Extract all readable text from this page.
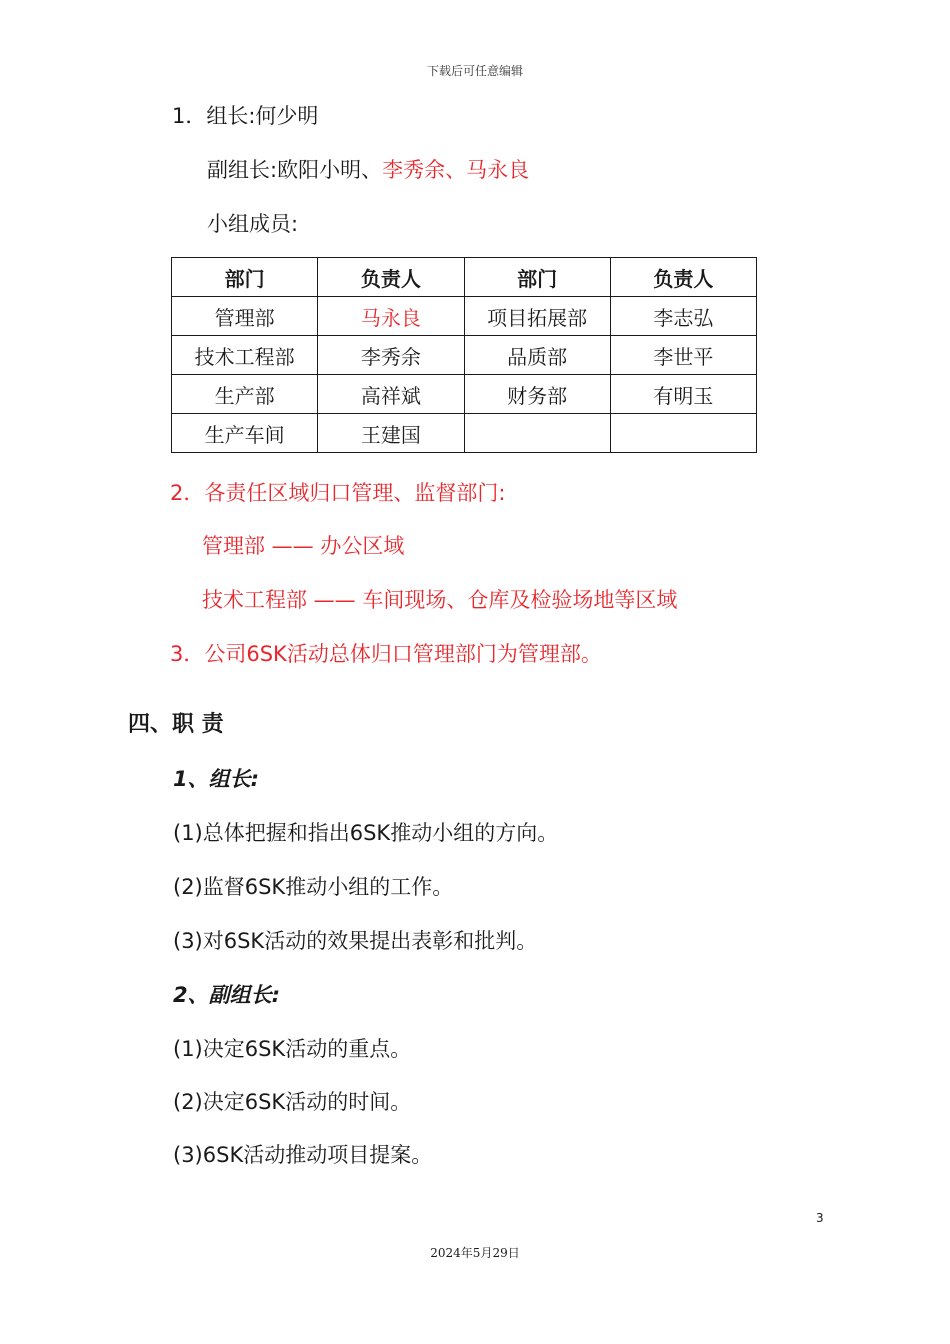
下载后可任意编辑
1．组长:何少明
副组长:欧阳小明、李秀余、马永良
小组成员:
部门	负责人	部门	负责人
管理部	马永良	项目拓展部	李志弘
技术工程部	李秀余	品质部	李世平
生产部	高祥斌	财务部	有明玉
生产车间	王建国		
2．各责任区域归口管理、监督部门:
管理部 —— 办公区域
技术工程部 —— 车间现场、仓库及检验场地等区域
3．公司6SK活动总体归口管理部门为管理部。
四、职 责
1、组长:
(1)总体把握和指出6SK推动小组的方向。
(2)监督6SK推动小组的工作。
(3)对6SK活动的效果提出表彰和批判。
2、副组长:
(1)决定6SK活动的重点。
(2)决定6SK活动的时间。
(3)6SK活动推动项目提案。
3
2024年5月29日
